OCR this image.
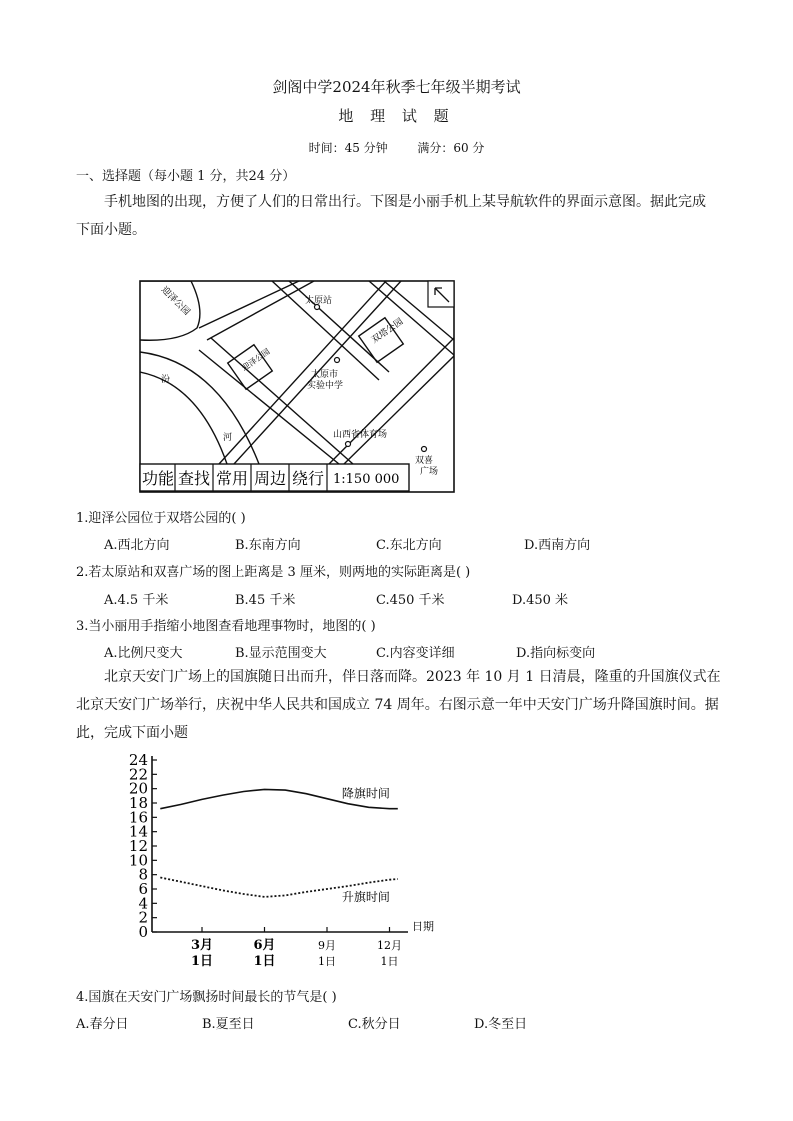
剑阁中学2024年秋季七年级半期考试
地 理 试 题
时间：45 分钟 满分：60 分
一、选择题（每小题 1 分，共24 分）
手机地图的出现，方便了人们的日常出行。下图是小丽手机上某导航软件的界面示意图。据此完成
下面小题。
迎泽公园	太原站
双塔公园
迎泽公园
太原市
实验中学
汾
河	山西省体育场
双喜
广场
功能 查找 常用 周边 绕行 1:150 000
1.迎泽公园位于双塔公园的( )
A.西北方向	B.东南方向	C.东北方向	D.西南方向
2.若太原站和双喜广场的图上距离是 3 厘米，则两地的实际距离是( )
A.4.5 千米	B.45 千米	C.450 千米	D.450 米
3.当小丽用手指缩小地图查看地理事物时，地图的( )
A.比例尺变大	B.显示范围变大	C.内容变详细	D.指向标变向
北京天安门广场上的国旗随日出而升，伴日落而降。2023 年 10 月 1 日清晨，隆重的升国旗仪式在
北京天安门广场举行，庆祝中华人民共和国成立 74 周年。右图示意一年中天安门广场升降国旗时间。据
此，完成下面小题
0
2
4
6
8
10
12
14
16
18
20
22
24
3月
1日
6月
1日
9月
1日
12月
1日
日期
降旗时间
升旗时间
4.国旗在天安门广场飘扬时间最长的节气是( )
A.春分日	B.夏至日	C.秋分日	D.冬至日
